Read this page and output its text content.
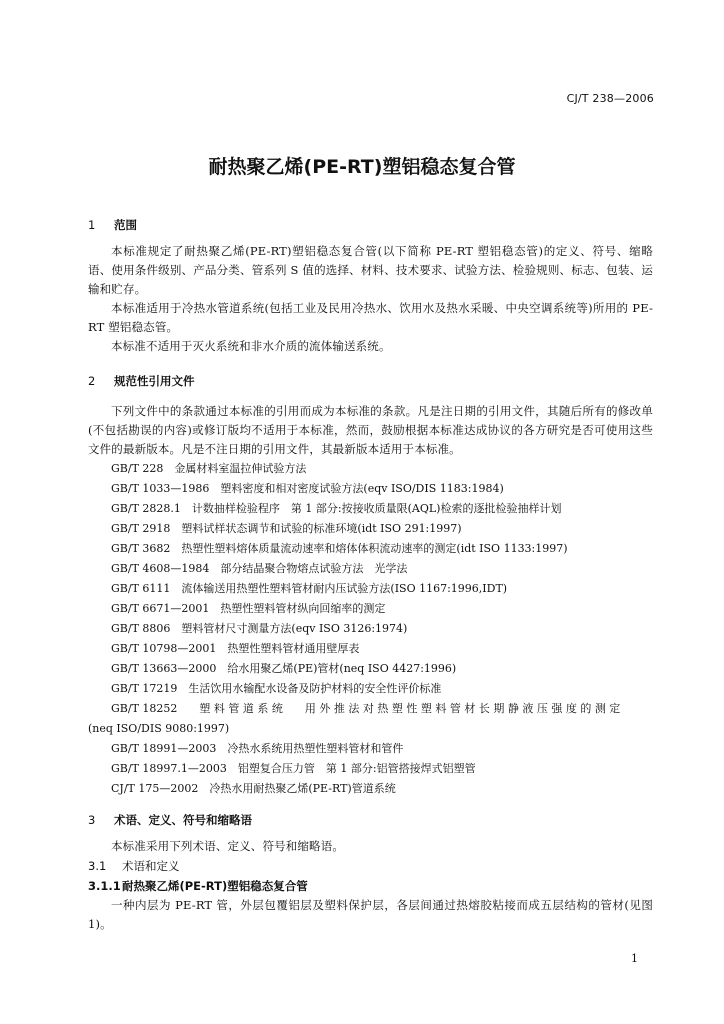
CJ/T 238—2006
耐热聚乙烯(PE-RT)塑铝稳态复合管
1 范围

本标准规定了耐热聚乙烯(PE-RT)塑铝稳态复合管(以下简称 PE-RT 塑铝稳态管)的定义、符号、缩略语、使用条件级别、产品分类、管系列 S 值的选择、材料、技术要求、试验方法、检验规则、标志、包装、运输和贮存。

本标准适用于冷热水管道系统(包括工业及民用冷热水、饮用水及热水采暖、中央空调系统等)所用的 PE-RT 塑铝稳态管。

本标准不适用于灭火系统和非水介质的流体输送系统。

2 规范性引用文件

下列文件中的条款通过本标准的引用而成为本标准的条款。凡是注日期的引用文件，其随后所有的修改单(不包括勘误的内容)或修订版均不适用于本标准，然而，鼓励根据本标准达成协议的各方研究是否可使用这些文件的最新版本。凡是不注日期的引用文件，其最新版本适用于本标准。

GB/T 228　金属材料室温拉伸试验方法

GB/T 1033—1986　塑料密度和相对密度试验方法(eqv ISO/DIS 1183:1984)

GB/T 2828.1　计数抽样检验程序　第 1 部分:按接收质量限(AQL)检索的逐批检验抽样计划

GB/T 2918　塑料试样状态调节和试验的标准环境(idt ISO 291:1997)

GB/T 3682　热塑性塑料熔体质量流动速率和熔体体积流动速率的测定(idt ISO 1133:1997)

GB/T 4608—1984　部分结晶聚合物熔点试验方法　光学法

GB/T 6111　流体输送用热塑性塑料管材耐内压试验方法(ISO 1167:1996,IDT)

GB/T 6671—2001　热塑性塑料管材纵向回缩率的测定

GB/T 8806　塑料管材尺寸测量方法(eqv ISO 3126:1974)

GB/T 10798—2001　热塑性塑料管材通用壁厚表

GB/T 13663—2000　给水用聚乙烯(PE)管材(neq ISO 4427:1996)

GB/T 17219　生活饮用水输配水设备及防护材料的安全性评价标准

GB/T 18252　　塑 料 管 道 系 统　　用 外 推 法 对 热 塑 性 塑 料 管 材 长 期 静 液 压 强 度 的 测 定

(neq ISO/DIS 9080:1997)

GB/T 18991—2003　冷热水系统用热塑性塑料管材和管件

GB/T 18997.1—2003　铝塑复合压力管　第 1 部分:铝管搭接焊式铝塑管

CJ/T 175—2002　冷热水用耐热聚乙烯(PE-RT)管道系统

3 术语、定义、符号和缩略语

本标准采用下列术语、定义、符号和缩略语。

3.1 术语和定义

3.1.1耐热聚乙烯(PE-RT)塑铝稳态复合管

一种内层为 PE-RT 管，外层包覆铝层及塑料保护层，各层间通过热熔胶粘接而成五层结构的管材(见图 1)。

1
